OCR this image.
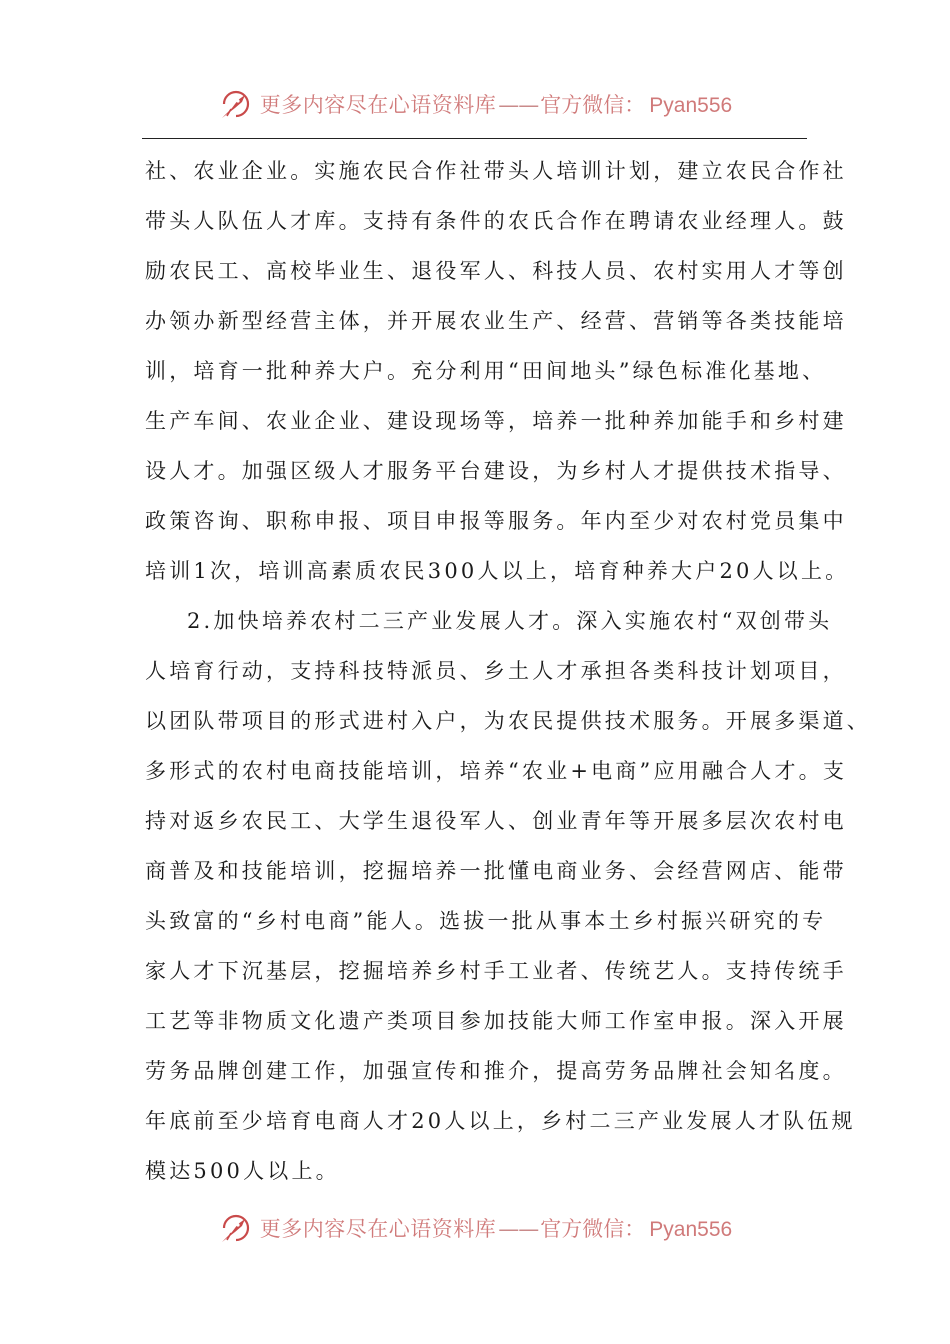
更多内容尽在心语资料库 —— 官方微信： Pyan556
社、农业企业。实施农民合作社带头人培训计划，建立农民合作社
带头人队伍人才库。支持有条件的农氏合作在聘请农业经理人。鼓
励农民工、高校毕业生、退役军人、科技人员、农村实用人才等创
办领办新型经营主体，并开展农业生产、经营、营销等各类技能培
训，培育一批种养大户。充分利用“田间地头”绿色标准化基地、
生产车间、农业企业、建设现场等，培养一批种养加能手和乡村建
设人才。加强区级人才服务平台建设，为乡村人才提供技术指导、
政策咨询、职称申报、项目申报等服务。年内至少对农村党员集中
培训1次，培训高素质农民300人以上，培育种养大户20人以上。
2.加快培养农村二三产业发展人才。深入实施农村“双创带头
人培育行动，支持科技特派员、乡土人才承担各类科技计划项目，
以团队带项目的形式进村入户，为农民提供技术服务。开展多渠道、
多形式的农村电商技能培训，培养“农业+电商”应用融合人才。支
持对返乡农民工、大学生退役军人、创业青年等开展多层次农村电
商普及和技能培训，挖掘培养一批懂电商业务、会经营网店、能带
头致富的“乡村电商”能人。选拔一批从事本土乡村振兴研究的专
家人才下沉基层，挖掘培养乡村手工业者、传统艺人。支持传统手
工艺等非物质文化遗产类项目参加技能大师工作室申报。深入开展
劳务品牌创建工作，加强宣传和推介，提高劳务品牌社会知名度。
年底前至少培育电商人才20人以上，乡村二三产业发展人才队伍规
模达500人以上。
更多内容尽在心语资料库 —— 官方微信： Pyan556
